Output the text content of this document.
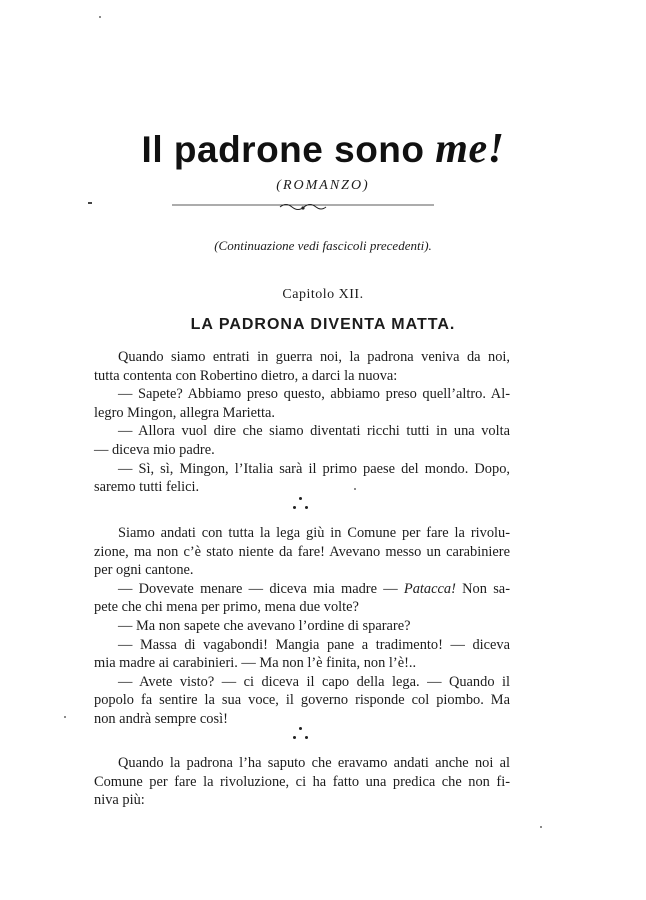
Il padrone sono me!
(ROMANZO)
(Continuazione vedi fascicoli precedenti).
Capitolo XII.
LA PADRONA DIVENTA MATTA.
Quando siamo entrati in guerra noi, la padrona veniva da noi,
tutta contenta con Robertino dietro, a darci la nuova:
— Sapete? Abbiamo preso questo, abbiamo preso quell’altro. Al-
legro Mingon, allegra Marietta.
— Allora vuol dire che siamo diventati ricchi tutti in una volta
— diceva mio padre.
— Sì, sì, Mingon, l’Italia sarà il primo paese del mondo. Dopo,
saremo tutti felici.
Siamo andati con tutta la lega giù in Comune per fare la rivolu-
zione, ma non c’è stato niente da fare! Avevano messo un carabiniere
per ogni cantone.
— Dovevate menare — diceva mia madre — Patacca! Non sa-
pete che chi mena per primo, mena due volte?
— Ma non sapete che avevano l’ordine di sparare?
— Massa di vagabondi! Mangia pane a tradimento! — diceva
mia madre ai carabinieri. — Ma non l’è finita, non l’è!..
— Avete visto? — ci diceva il capo della lega. — Quando il
popolo fa sentire la sua voce, il governo risponde col piombo. Ma
non andrà sempre così!
Quando la padrona l’ha saputo che eravamo andati anche noi al
Comune per fare la rivoluzione, ci ha fatto una predica che non fi-
niva più:
